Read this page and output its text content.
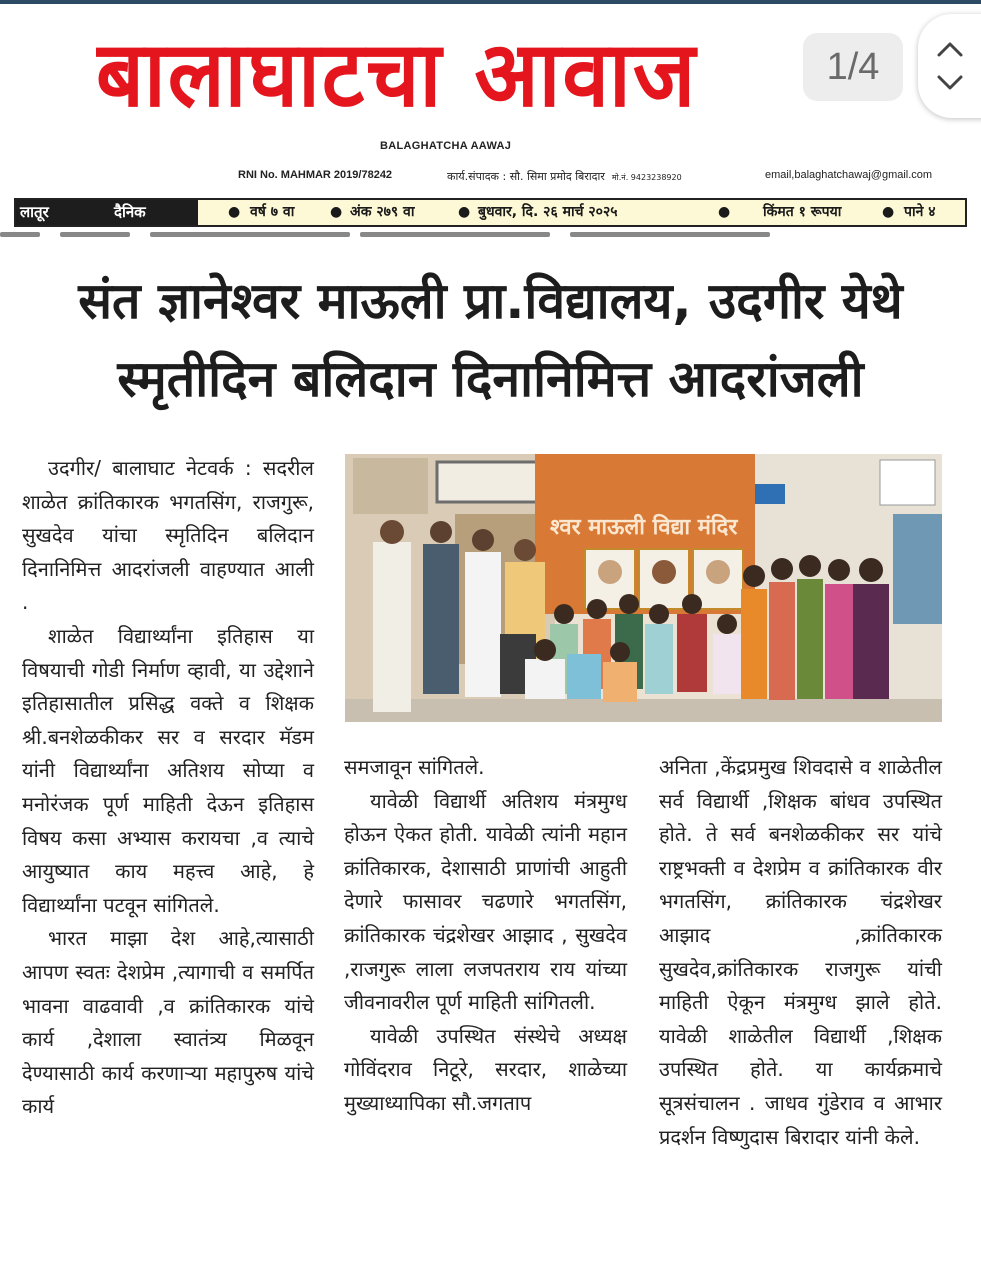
बालाघाटचा आवाज	1/4
BALAGHATCHA AAWAJ
RNI No. MAHMAR 2019/78242	कार्य.संपादक : सौ. सिमा प्रमोद बिरादार मो.नं. 9423238920	email,balaghatchawaj@gmail.com
लातूर	दैनिक	● वर्ष ७ वा	● अंक २७९ वा	● बुधवार, दि. २६ मार्च २०२५	● किंमत १ रूपया	● पाने ४
संत ज्ञानेश्वर माऊली प्रा.विद्यालय, उदगीर येथे
स्मृतीदिन बलिदान दिनानिमित्त आदरांजली

उदगीर/ बालाघाट नेटवर्क : सदरील शाळेत क्रांतिकारक भगतसिंग, राजगुरू, सुखदेव यांचा स्मृतिदिन बलिदान दिनानिमित्त आदरांजली वाहण्यात आली .

शाळेत विद्यार्थ्यांना इतिहास या विषयाची गोडी निर्माण व्हावी, या उद्देशाने इतिहासातील प्रसिद्ध वक्ते व शिक्षक श्री.बनशेळकीकर सर व सरदार मॅडम यांनी विद्यार्थ्यांना अतिशय सोप्या व मनोरंजक पूर्ण माहिती देऊन इतिहास विषय कसा अभ्यास करायचा ,व त्याचे आयुष्यात काय महत्त्व आहे, हे विद्यार्थ्यांना पटवून सांगितले.

भारत माझा देश आहे,त्यासाठी आपण स्वतः देशप्रेम ,त्यागाची व समर्पित भावना वाढवावी ,व क्रांतिकारक यांचे कार्य ,देशाला स्वातंत्र्य मिळवून देण्यासाठी कार्य करणाऱ्या महापुरुष यांचे कार्य

श्वर माऊली विद्या मंदिर

समजावून सांगितले.

यावेळी विद्यार्थी अतिशय मंत्रमुग्ध होऊन ऐकत होती. यावेळी त्यांनी महान क्रांतिकारक, देशासाठी प्राणांची आहुती देणारे फासावर चढणारे भगतसिंग, क्रांतिकारक चंद्रशेखर आझाद , सुखदेव ,राजगुरू लाला लजपतराय राय यांच्या जीवनावरील पूर्ण माहिती सांगितली.

यावेळी उपस्थित संस्थेचे अध्यक्ष गोविंदराव निटूरे, सरदार, शाळेच्या मुख्याध्यापिका सौ.जगताप

अनिता ,केंद्रप्रमुख शिवदासे व शाळेतील सर्व विद्यार्थी ,शिक्षक बांधव उपस्थित होते. ते सर्व बनशेळकीकर सर यांचे राष्ट्रभक्ती व देशप्रेम व क्रांतिकारक वीर भगतसिंग, क्रांतिकारक चंद्रशेखर आझाद ,क्रांतिकारक सुखदेव,क्रांतिकारक राजगुरू यांची माहिती ऐकून मंत्रमुग्ध झाले होते. यावेळी शाळेतील विद्यार्थी ,शिक्षक उपस्थित होते. या कार्यक्रमाचे सूत्रसंचालन . जाधव गुंडेराव व आभार प्रदर्शन विष्णुदास बिरादार यांनी केले.
